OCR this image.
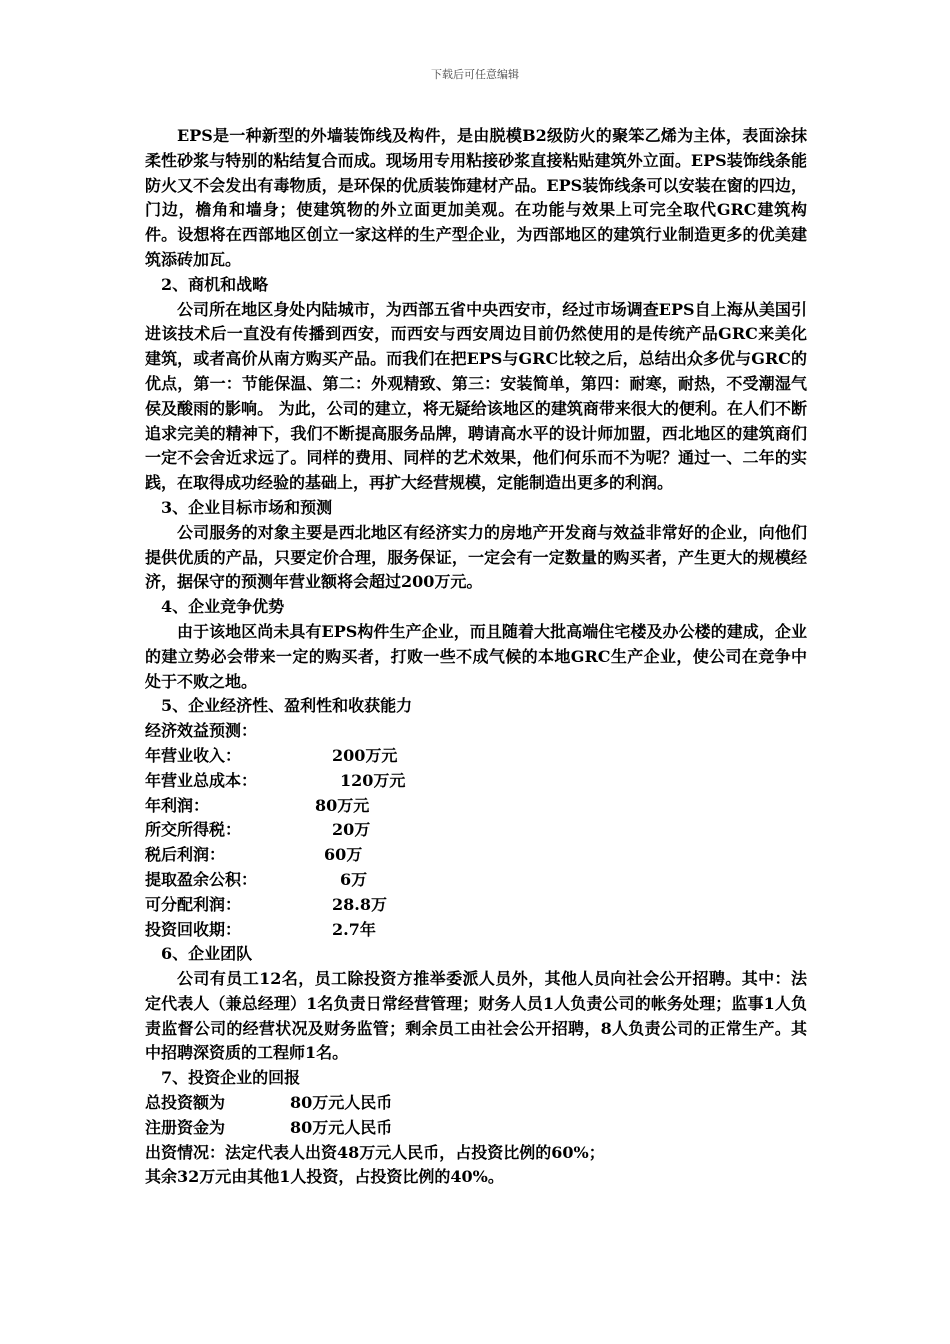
下载后可任意编辑

EPS是一种新型的外墙装饰线及构件，是由脱模B2级防火的聚笨乙烯为主体，表面涂抹柔性砂浆与特别的粘结复合而成。现场用专用粘接砂浆直接粘贴建筑外立面。EPS装饰线条能防火又不会发出有毒物质，是环保的优质装饰建材产品。EPS装饰线条可以安装在窗的四边，门边，檐角和墙身；使建筑物的外立面更加美观。在功能与效果上可完全取代GRC建筑构件。设想将在西部地区创立一家这样的生产型企业，为西部地区的建筑行业制造更多的优美建筑添砖加瓦。

2、商机和战略

公司所在地区身处内陆城市，为西部五省中央西安市，经过市场调查EPS自上海从美国引进该技术后一直没有传播到西安，而西安与西安周边目前仍然使用的是传统产品GRC来美化建筑，或者高价从南方购买产品。而我们在把EPS与GRC比较之后，总结出众多优与GRC的优点，第一：节能保温、第二：外观精致、第三：安装简单，第四：耐寒，耐热，不受潮湿气侯及酸雨的影响。 为此，公司的建立，将无疑给该地区的建筑商带来很大的便利。在人们不断追求完美的精神下，我们不断提高服务品牌，聘请高水平的设计师加盟，西北地区的建筑商们一定不会舍近求远了。同样的费用、同样的艺术效果，他们何乐而不为呢？通过一、二年的实践，在取得成功经验的基础上，再扩大经营规模，定能制造出更多的利润。

3、企业目标市场和预测

公司服务的对象主要是西北地区有经济实力的房地产开发商与效益非常好的企业，向他们提供优质的产品，只要定价合理，服务保证，一定会有一定数量的购买者，产生更大的规模经济，据保守的预测年营业额将会超过200万元。

4、企业竞争优势

由于该地区尚未具有EPS构件生产企业，而且随着大批高端住宅楼及办公楼的建成，企业的建立势必会带来一定的购买者，打败一些不成气候的本地GRC生产企业，使公司在竞争中处于不败之地。

5、企业经济性、盈利性和收获能力

经济效益预测：

年营业收入：	200万元
年营业总成本：	120万元
年利润：	80万元
所交所得税：	20万
税后利润：	60万
提取盈余公积：	6万
可分配利润：	28.8万
投资回收期：	2.7年

6、企业团队

公司有员工12名，员工除投资方推举委派人员外，其他人员向社会公开招聘。其中：法定代表人（兼总经理）1名负责日常经营管理；财务人员1人负责公司的帐务处理；监事1人负责监督公司的经营状况及财务监管；剩余员工由社会公开招聘，8人负责公司的正常生产。其中招聘深资质的工程师1名。

7、投资企业的回报

总投资额为	80万元人民币
注册资金为	80万元人民币

出资情况：法定代表人出资48万元人民币，占投资比例的60%；

其余32万元由其他1人投资，占投资比例的40%。
